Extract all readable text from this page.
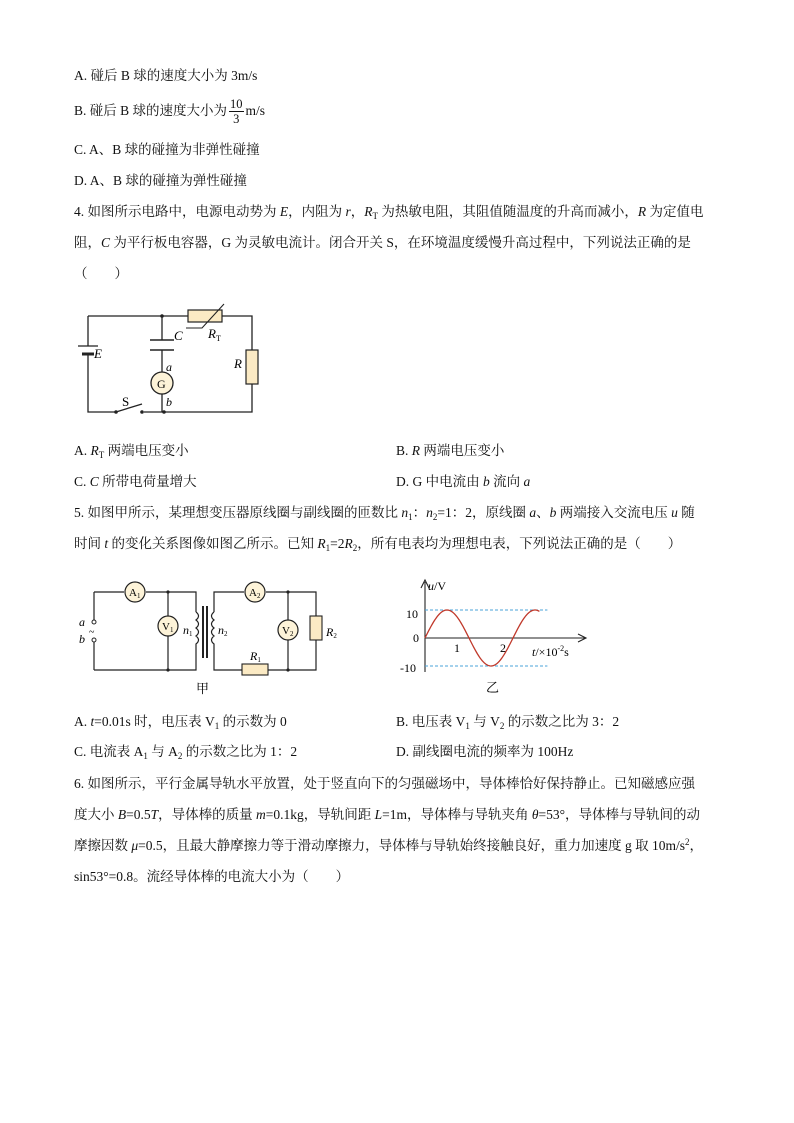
A. 碰后 B 球的速度大小为 3m/s
B. 碰后 B 球的速度大小为 $\frac{10}{3} m/s$
C. A、B 球的碰撞为非弹性碰撞
D. A、B 球的碰撞为弹性碰撞
4. 如图所示电路中，电源电动势为 E，内阻为 r，$R_T$ 为热敏电阻，其阻值随温度的升高而减小，R 为定值电
阻，C 为平行板电容器，G 为灵敏电流计。闭合开关 S，在环境温度缓慢升高过程中，下列说法正确的是
（　　）
E
C $R_T$
R
a
b
G
S
A. $R_T$ 两端电压变小	B. R 两端电压变小
C. C 所带电荷量增大	D. G 中电流由 b 流向 a
5. 如图甲所示，某理想变压器原线圈与副线圈的匝数比 $n_1$：$n_2=1$：2，原线圈 a、b 两端接入交流电压 u 随
时间 t 的变化关系图像如图乙所示。已知 $R_1=2R_2$，所有电表均为理想电表，下列说法正确的是（　　）
A1	A2
V1	V2
n1 n2
R1
R2
a
b ~
甲
u/V
10
0
-10
1	2 $t/\times 10^{-2}s$
乙
A. t=0.01s 时，电压表 $V_1$ 的示数为 0	B. 电压表 $V_1$ 与 $V_2$ 的示数之比为 3：2
C. 电流表 $A_1$ 与 $A_2$ 的示数之比为 1：2	D. 副线圈电流的频率为 100Hz
6. 如图所示，平行金属导轨水平放置，处于竖直向下的匀强磁场中，导体棒恰好保持静止。已知磁感应强
度大小 B=0.5T，导体棒的质量 m=0.1kg，导轨间距 L=1m，导体棒与导轨夹角 θ=53°，导体棒与导轨间的动
摩擦因数 μ=0.5，且最大静摩擦力等于滑动摩擦力，导体棒与导轨始终接触良好，重力加速度 g 取 $10m/s^2$，
sin53°=0.8。流经导体棒的电流大小为（　　）
